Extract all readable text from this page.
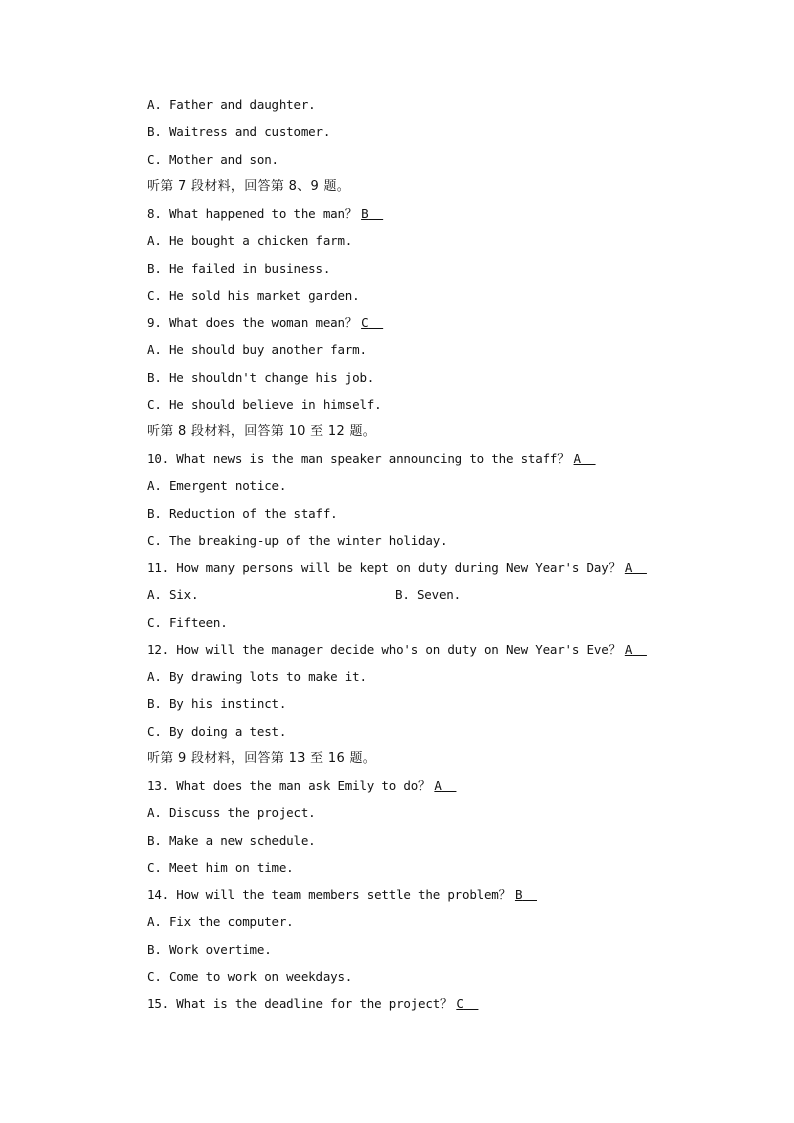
A. Father and daughter.
B. Waitress and customer.
C. Mother and son.
听第 7 段材料，回答第 8、9 题。
8. What happened to the man？ B
A. He bought a chicken farm.
B. He failed in business.
C. He sold his market garden.
9. What does the woman mean？ C
A. He should buy another farm.
B. He shouldn't change his job.
C. He should believe in himself.
听第 8 段材料，回答第 10 至 12 题。
10. What news is the man speaker announcing to the staff？ A
A. Emergent notice.
B. Reduction of the staff.
C. The breaking-up of the winter holiday.
11. How many persons will be kept on duty during New Year's Day？ A
A. Six.	B. Seven.
C. Fifteen.
12. How will the manager decide who's on duty on New Year's Eve？ A
A. By drawing lots to make it.
B. By his instinct.
C. By doing a test.
听第 9 段材料，回答第 13 至 16 题。
13. What does the man ask Emily to do？ A
A. Discuss the project.
B. Make a new schedule.
C. Meet him on time.
14. How will the team members settle the problem？ B
A. Fix the computer.
B. Work overtime.
C. Come to work on weekdays.
15. What is the deadline for the project？ C
